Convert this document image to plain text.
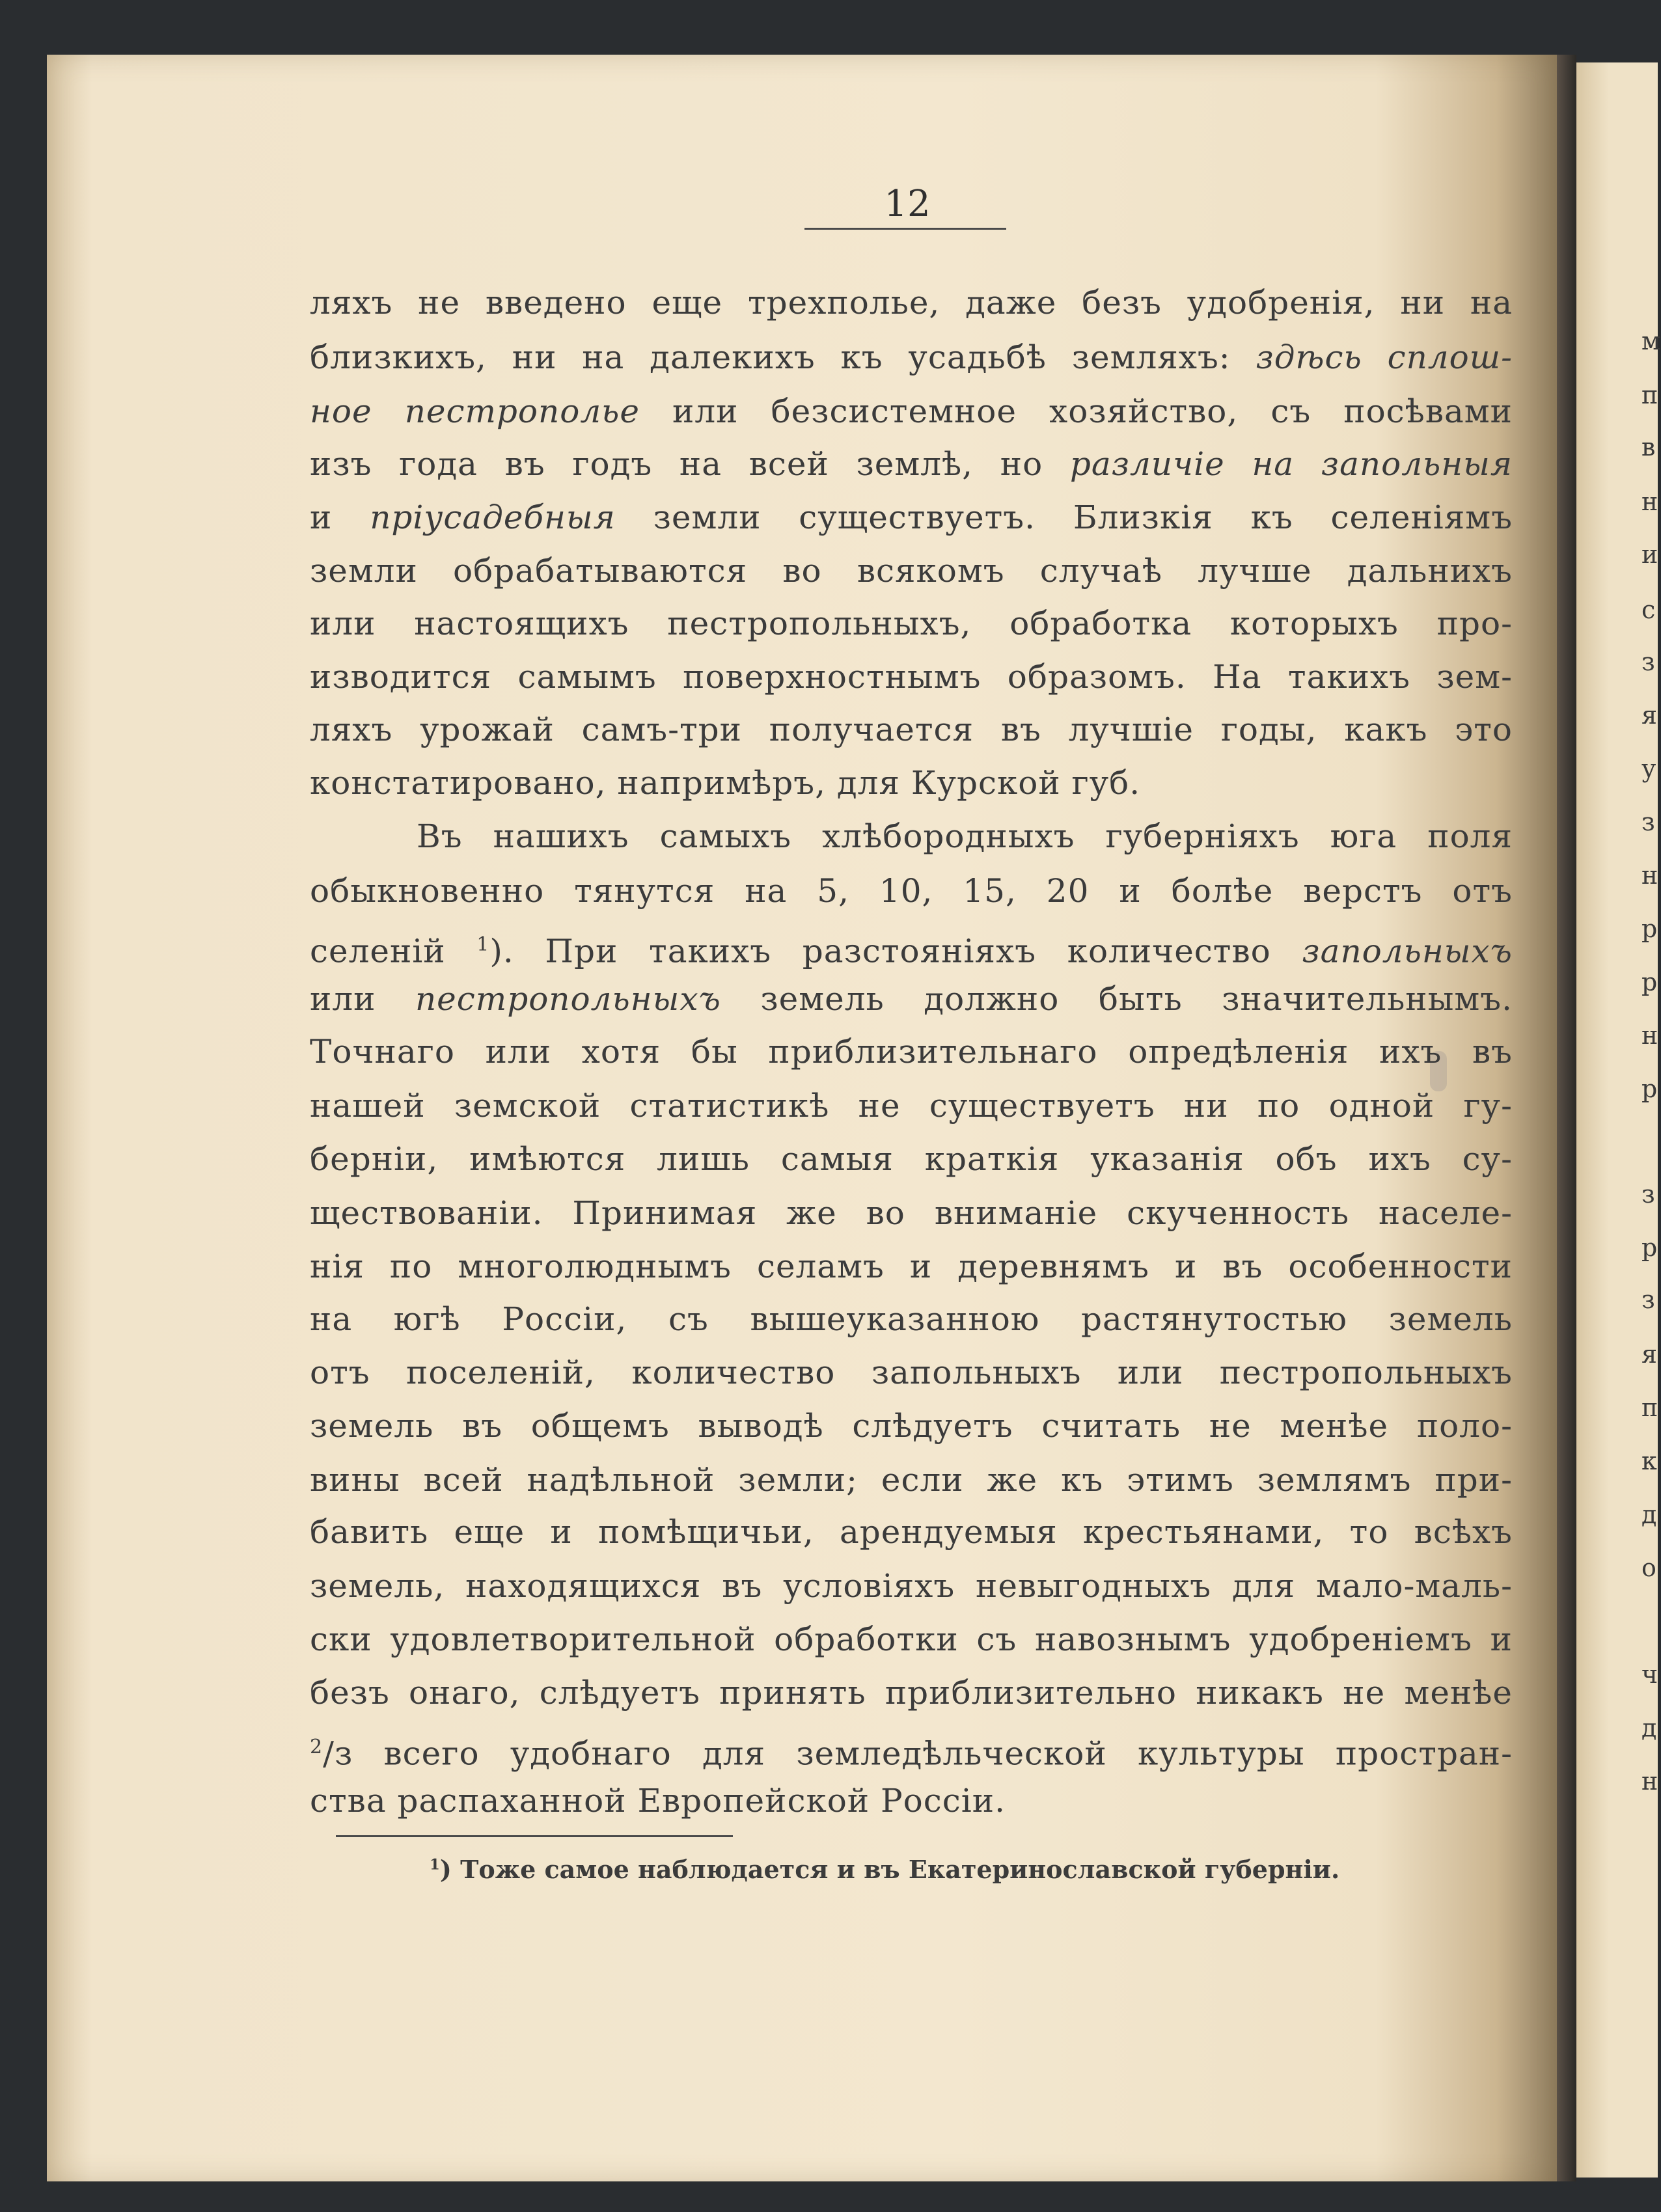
12

ляхъ не введено еще трехполье, даже безъ удобренія, ни на

близкихъ, ни на далекихъ къ усадьбѣ земляхъ: здѣсь сплош-

ное пестрополье или безсистемное хозяйство, съ посѣвами

изъ года въ годъ на всей землѣ, но различіе на запольныя

и пріусадебныя земли существуетъ. Близкія къ селеніямъ

земли обрабатываются во всякомъ случаѣ лучше дальнихъ

или настоящихъ пестропольныхъ, обработка которыхъ про-

изводится самымъ поверхностнымъ образомъ. На такихъ зем-

ляхъ урожай самъ-три получается въ лучшіе годы, какъ это

констатировано, напримѣръ, для Курской губ.

Въ нашихъ самыхъ хлѣбородныхъ губерніяхъ юга поля

обыкновенно тянутся на 5, 10, 15, 20 и болѣе верстъ отъ

селеній $^1$). При такихъ разстояніяхъ количество запольныхъ

или пестропольныхъ земель должно быть значительнымъ.

Точнаго или хотя бы приблизительнаго опредѣленія ихъ въ

нашей земской статистикѣ не существуетъ ни по одной гу-

берніи, имѣются лишь самыя краткія указанія объ ихъ су-

ществованіи. Принимая же во вниманіе скученность населе-

нія по многолюднымъ селамъ и деревнямъ и въ особенности

на югѣ Россіи, съ вышеуказанною растянутостью земель

отъ поселеній, количество запольныхъ или пестропольныхъ

земель въ общемъ выводѣ слѣдуетъ считать не менѣе поло-

вины всей надѣльной земли; если же къ этимъ землямъ при-

бавить еще и помѣщичьи, арендуемыя крестьянами, то всѣхъ

земель, находящихся въ условіяхъ невыгодныхъ для мало-маль-

ски удовлетворительной обработки съ навознымъ удобреніемъ и

безъ онаго, слѣдуетъ принять приблизительно никакъ не менѣе

$^2$/з всего удобнаго для земледѣльческой культуры простран-

ства распаханной Европейской Россіи.

$^1$) Тоже самое наблюдается и въ Екатеринославской губерніи.

м
п
в
н
и
с
з
я
у
з
н
р
р
н
р
з
р
з
я
п
к
д
о
ч
д
н
